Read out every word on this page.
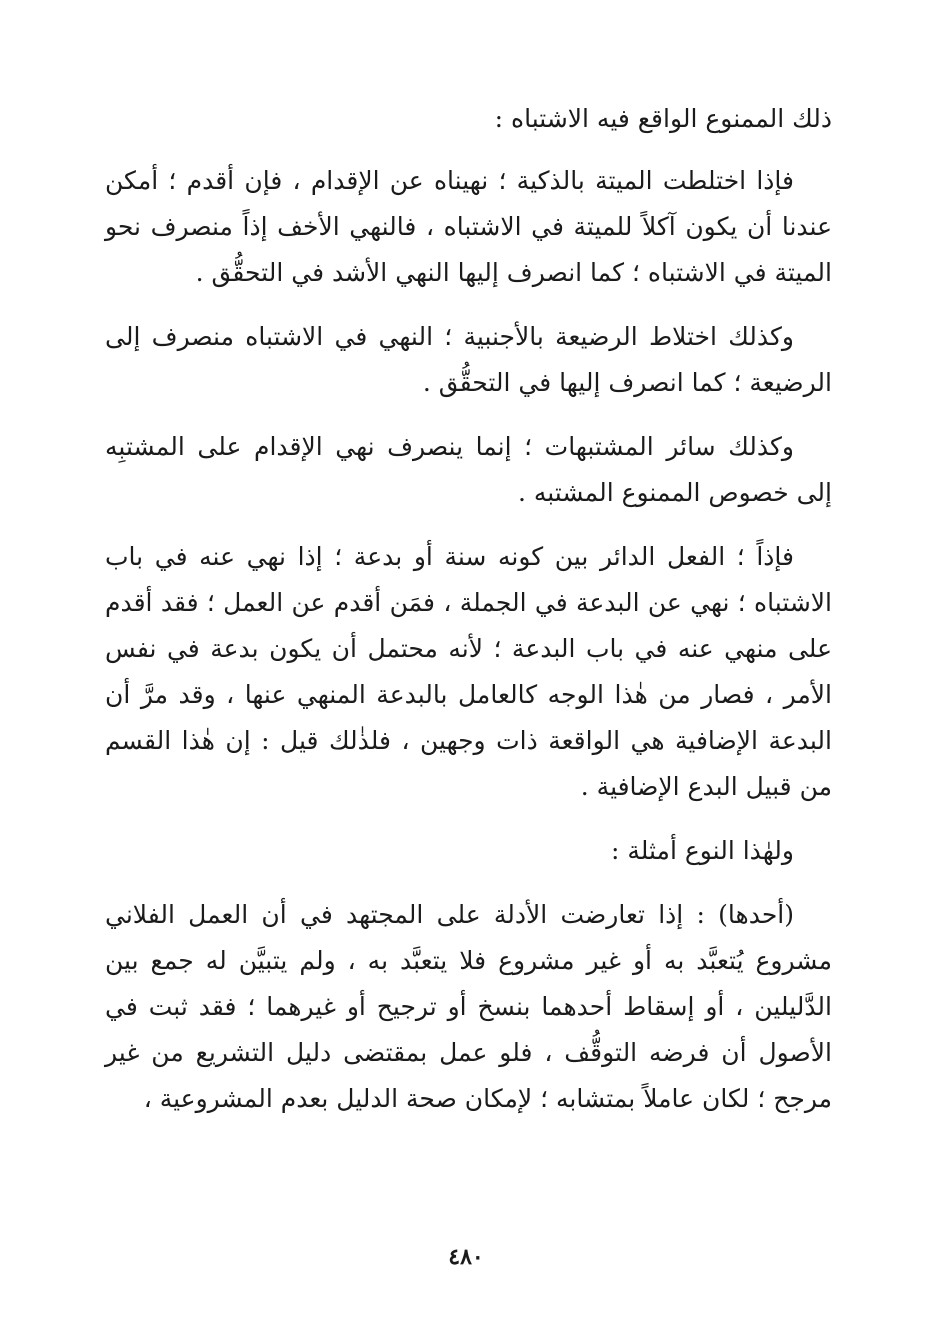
ذلك الممنوع الواقع فيه الاشتباه :

فإذا اختلطت الميتة بالذكية ؛ نهيناه عن الإقدام ، فإن أقدم ؛ أمكن عندنا أن يكون آكلاً للميتة في الاشتباه ، فالنهي الأخف إذاً منصرف نحو الميتة في الاشتباه ؛ كما انصرف إليها النهي الأشد في التحقُّق .

وكذلك اختلاط الرضيعة بالأجنبية ؛ النهي في الاشتباه منصرف إلى الرضيعة ؛ كما انصرف إليها في التحقُّق .

وكذلك سائر المشتبهات ؛ إنما ينصرف نهي الإقدام على المشتبِه إلى خصوص الممنوع المشتبه .

فإذاً ؛ الفعل الدائر بين كونه سنة أو بدعة ؛ إذا نهي عنه في باب الاشتباه ؛ نهي عن البدعة في الجملة ، فمَن أقدم عن العمل ؛ فقد أقدم على منهي عنه في باب البدعة ؛ لأنه محتمل أن يكون بدعة في نفس الأمر ، فصار من هٰذا الوجه كالعامل بالبدعة المنهي عنها ، وقد مرَّ أن البدعة الإضافية هي الواقعة ذات وجهين ، فلذٰلك قيل : إن هٰذا القسم من قبيل البدع الإضافية .

ولهٰذا النوع أمثلة :

(أحدها) : إذا تعارضت الأدلة على المجتهد في أن العمل الفلاني مشروع يُتعبَّد به أو غير مشروع فلا يتعبَّد به ، ولم يتبيَّن له جمع بين الدَّليلين ، أو إسقاط أحدهما بنسخ أو ترجيح أو غيرهما ؛ فقد ثبت في الأصول أن فرضه التوقُّف ، فلو عمل بمقتضى دليل التشريع من غير مرجح ؛ لكان عاملاً بمتشابه ؛ لإمكان صحة الدليل بعدم المشروعية ،

٤٨٠
